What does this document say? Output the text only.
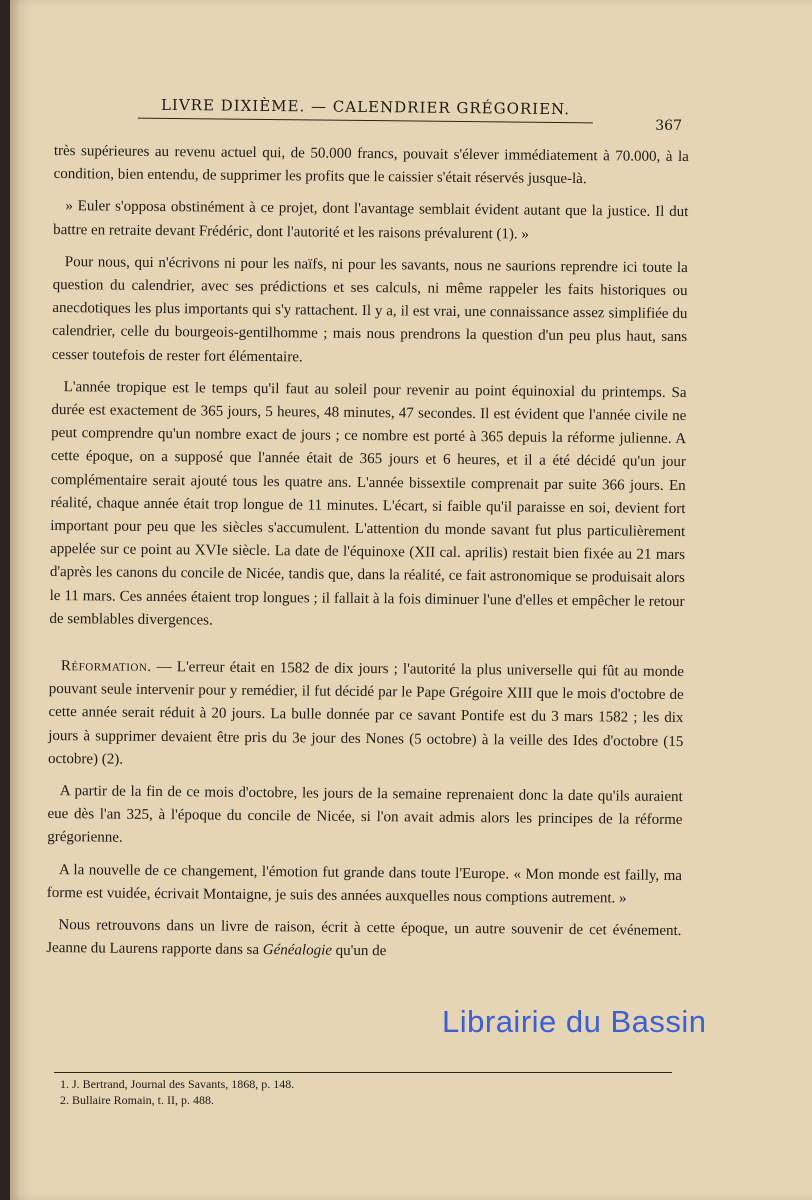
LIVRE DIXIÈME. — CALENDRIER GRÉGORIEN.
367

très supérieures au revenu actuel qui, de 50.000 francs, pouvait s'élever immédiatement à 70.000, à la condition, bien entendu, de supprimer les profits que le caissier s'était réservés jusque-là.

» Euler s'opposa obstinément à ce projet, dont l'avantage semblait évident autant que la justice. Il dut battre en retraite devant Frédéric, dont l'autorité et les raisons prévalurent (1). »

Pour nous, qui n'écrivons ni pour les naïfs, ni pour les savants, nous ne saurions reprendre ici toute la question du calendrier, avec ses prédictions et ses calculs, ni même rappeler les faits historiques ou anecdotiques les plus importants qui s'y rattachent. Il y a, il est vrai, une connaissance assez simplifiée du calendrier, celle du bourgeois-gentilhomme ; mais nous prendrons la question d'un peu plus haut, sans cesser toutefois de rester fort élémentaire.

L'année tropique est le temps qu'il faut au soleil pour revenir au point équinoxial du printemps. Sa durée est exactement de 365 jours, 5 heures, 48 minutes, 47 secondes. Il est évident que l'année civile ne peut comprendre qu'un nombre exact de jours ; ce nombre est porté à 365 depuis la réforme julienne. A cette époque, on a supposé que l'année était de 365 jours et 6 heures, et il a été décidé qu'un jour complémentaire serait ajouté tous les quatre ans. L'année bissextile comprenait par suite 366 jours. En réalité, chaque année était trop longue de 11 minutes. L'écart, si faible qu'il paraisse en soi, devient fort important pour peu que les siècles s'accumulent. L'attention du monde savant fut plus particulièrement appelée sur ce point au XVIe siècle. La date de l'équinoxe (XII cal. aprilis) restait bien fixée au 21 mars d'après les canons du concile de Nicée, tandis que, dans la réalité, ce fait astronomique se produisait alors le 11 mars. Ces années étaient trop longues ; il fallait à la fois diminuer l'une d'elles et empêcher le retour de semblables divergences.

Réformation. — L'erreur était en 1582 de dix jours ; l'autorité la plus universelle qui fût au monde pouvant seule intervenir pour y remédier, il fut décidé par le Pape Grégoire XIII que le mois d'octobre de cette année serait réduit à 20 jours. La bulle donnée par ce savant Pontife est du 3 mars 1582 ; les dix jours à supprimer devaient être pris du 3e jour des Nones (5 octobre) à la veille des Ides d'octobre (15 octobre) (2).

A partir de la fin de ce mois d'octobre, les jours de la semaine reprenaient donc la date qu'ils auraient eue dès l'an 325, à l'époque du concile de Nicée, si l'on avait admis alors les principes de la réforme grégorienne.

A la nouvelle de ce changement, l'émotion fut grande dans toute l'Europe. « Mon monde est failly, ma forme est vuidée, écrivait Montaigne, je suis des années auxquelles nous comptions autrement. »

Nous retrouvons dans un livre de raison, écrit à cette époque, un autre souvenir de cet événement. Jeanne du Laurens rapporte dans sa Généalogie qu'un de

1. J. Bertrand, Journal des Savants, 1868, p. 148.
2. Bullaire Romain, t. II, p. 488.
Librairie du Bassin
